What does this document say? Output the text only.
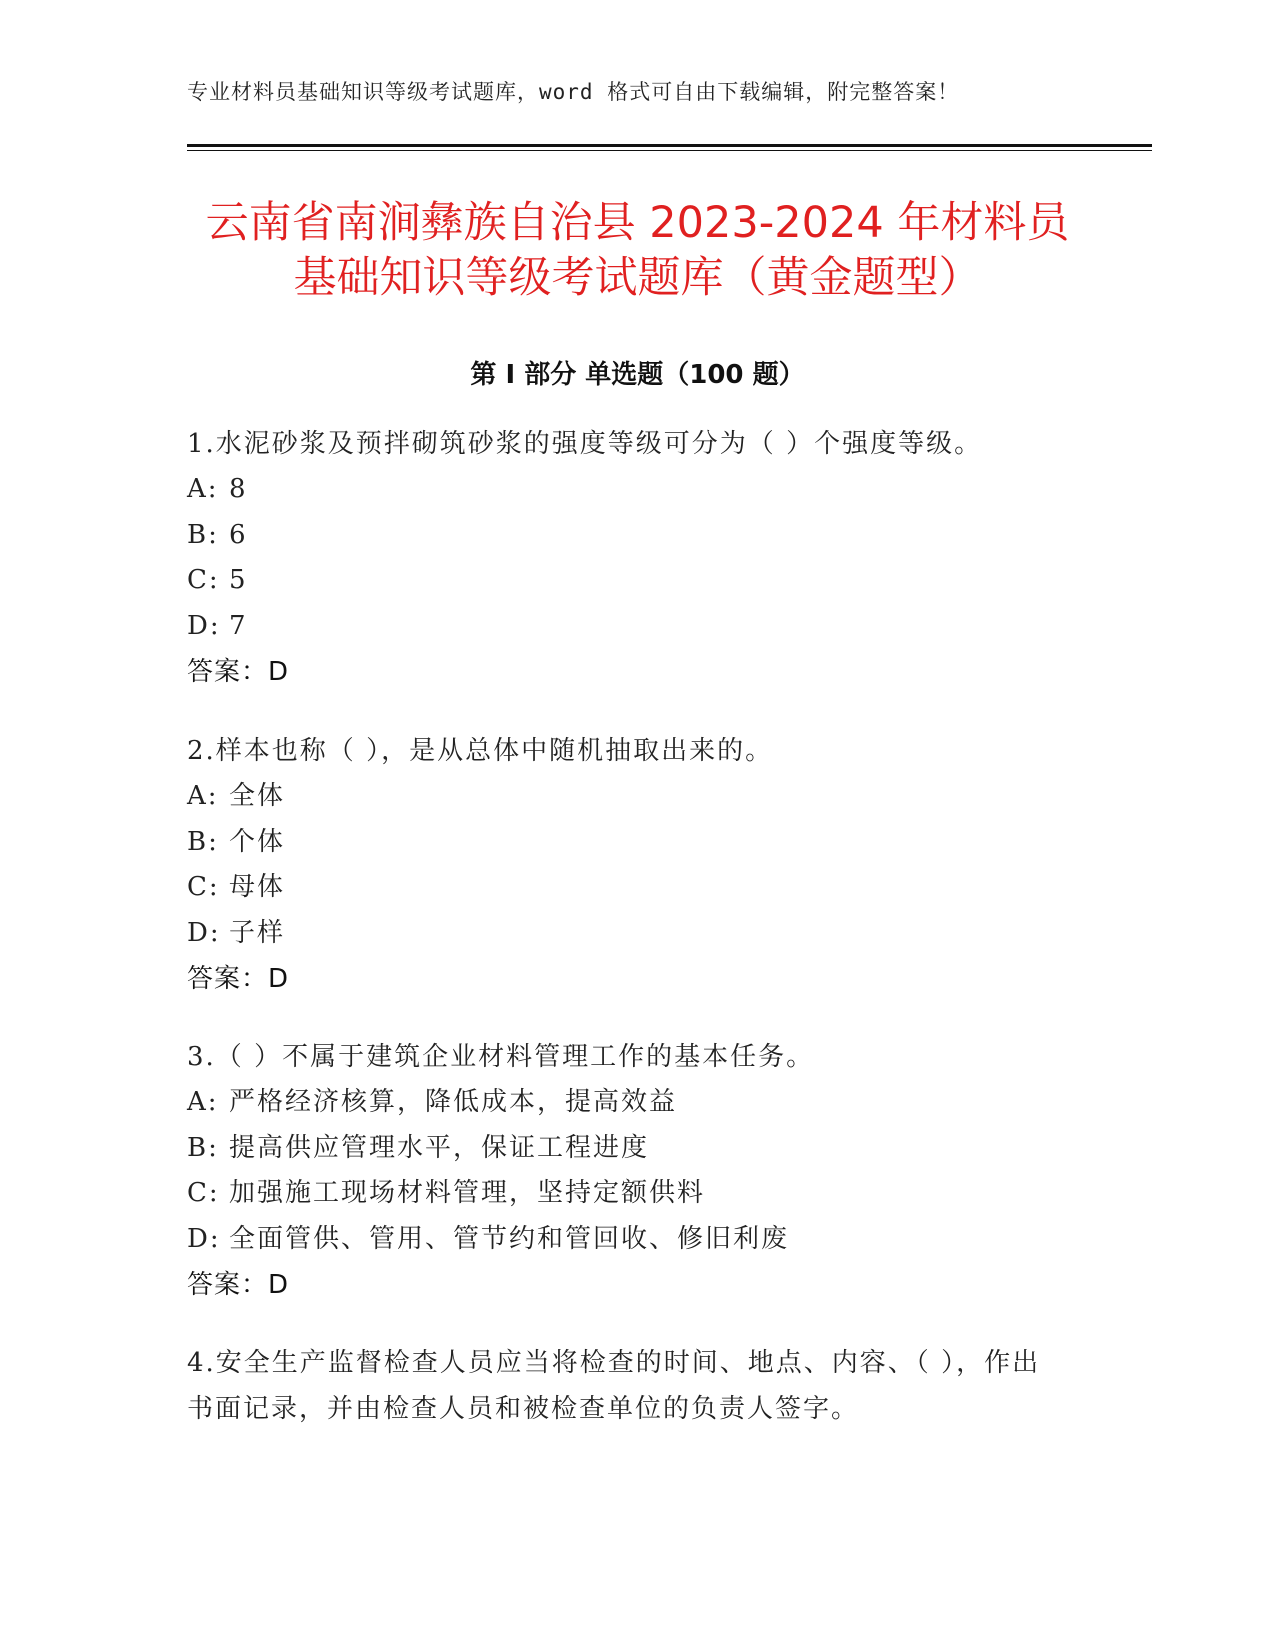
专业材料员基础知识等级考试题库，word 格式可自由下载编辑，附完整答案！
云南省南涧彝族自治县 2023-2024 年材料员
基础知识等级考试题库（黄金题型）
第 I 部分 单选题（100 题）
1.水泥砂浆及预拌砌筑砂浆的强度等级可分为（ ）个强度等级。
A: 8
B: 6
C: 5
D: 7
答案：D
2.样本也称（ ），是从总体中随机抽取出来的。
A: 全体
B: 个体
C: 母体
D: 子样
答案：D
3.（ ）不属于建筑企业材料管理工作的基本任务。
A: 严格经济核算，降低成本，提高效益
B: 提高供应管理水平，保证工程进度
C: 加强施工现场材料管理，坚持定额供料
D: 全面管供、管用、管节约和管回收、修旧利废
答案：D
4.安全生产监督检查人员应当将检查的时间、地点、内容、（ ），作出书面记录，并由检查人员和被检查单位的负责人签字。
